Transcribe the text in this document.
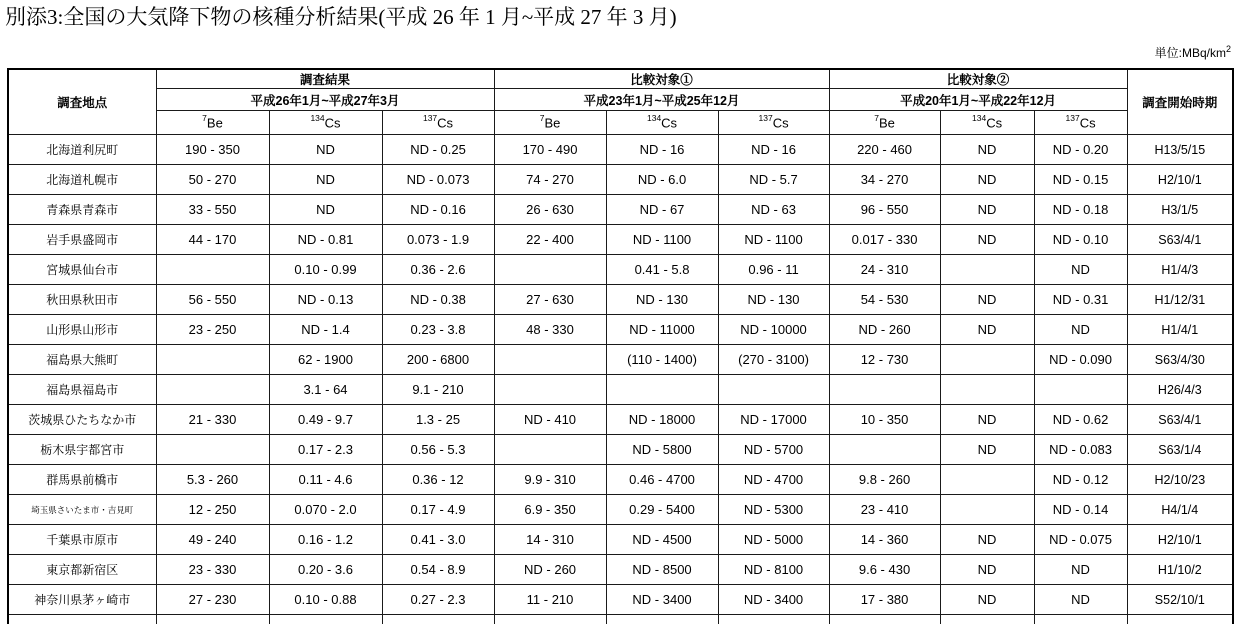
別添3:全国の大気降下物の核種分析結果(平成 26 年 1 月~平成 27 年 3 月)
単位$:MBq/km^2$
調査地点	調査結果			比較対象①			比較対象②			調査開始時期
	平成26年1月~平成27年3月			平成23年1月~平成25年12月			平成20年1月~平成22年12月			
	$^7$Be	$^{134}$Cs	$^{137}$Cs	$^7$Be	$^{134}$Cs	$^{137}$Cs	$^7$Be	$^{134}$Cs	$^{137}$Cs	
北海道利尻町	190 - 350	ND	ND - 0.25	170 - 490	ND - 16	ND - 16	220 - 460	ND	ND - 0.20	H13/5/15
北海道札幌市	50 - 270	ND	ND - 0.073	74 - 270	ND - 6.0	ND - 5.7	34 - 270	ND	ND - 0.15	H2/10/1
青森県青森市	33 - 550	ND	ND - 0.16	26 - 630	ND - 67	ND - 63	96 - 550	ND	ND - 0.18	H3/1/5
岩手県盛岡市	44 - 170	ND - 0.81	0.073 - 1.9	22 - 400	ND - 1100	ND - 1100	0.017 - 330	ND	ND - 0.10	S63/4/1
宮城県仙台市		0.10 - 0.99	0.36 - 2.6		0.41 - 5.8	0.96 - 11	24 - 310		ND	H1/4/3
秋田県秋田市	56 - 550	ND - 0.13	ND - 0.38	27 - 630	ND - 130	ND - 130	54 - 530	ND	ND - 0.31	H1/12/31
山形県山形市	23 - 250	ND - 1.4	0.23 - 3.8	48 - 330	ND - 11000	ND - 10000	ND - 260	ND	ND	H1/4/1
福島県大熊町		62 - 1900	200 - 6800		(110 - 1400)	(270 - 3100)	12 - 730		ND - 0.090	S63/4/30
福島県福島市		3.1 - 64	9.1 - 210							H26/4/3
茨城県ひたちなか市	21 - 330	0.49 - 9.7	1.3 - 25	ND - 410	ND - 18000	ND - 17000	10 - 350	ND	ND - 0.62	S63/4/1
栃木県宇都宮市		0.17 - 2.3	0.56 - 5.3		ND - 5800	ND - 5700		ND	ND - 0.083	S63/1/4
群馬県前橋市	5.3 - 260	0.11 - 4.6	0.36 - 12	9.9 - 310	0.46 - 4700	ND - 4700	9.8 - 260		ND - 0.12	H2/10/23
埼玉県さいたま市・吉見町	12 - 250	0.070 - 2.0	0.17 - 4.9	6.9 - 350	0.29 - 5400	ND - 5300	23 - 410		ND - 0.14	H4/1/4
千葉県市原市	49 - 240	0.16 - 1.2	0.41 - 3.0	14 - 310	ND - 4500	ND - 5000	14 - 360	ND	ND - 0.075	H2/10/1
東京都新宿区	23 - 330	0.20 - 3.6	0.54 - 8.9	ND - 260	ND - 8500	ND - 8100	9.6 - 430	ND	ND	H1/10/2
神奈川県茅ヶ崎市	27 - 230	0.10 - 0.88	0.27 - 2.3	11 - 210	ND - 3400	ND - 3400	17 - 380	ND	ND	S52/10/1
